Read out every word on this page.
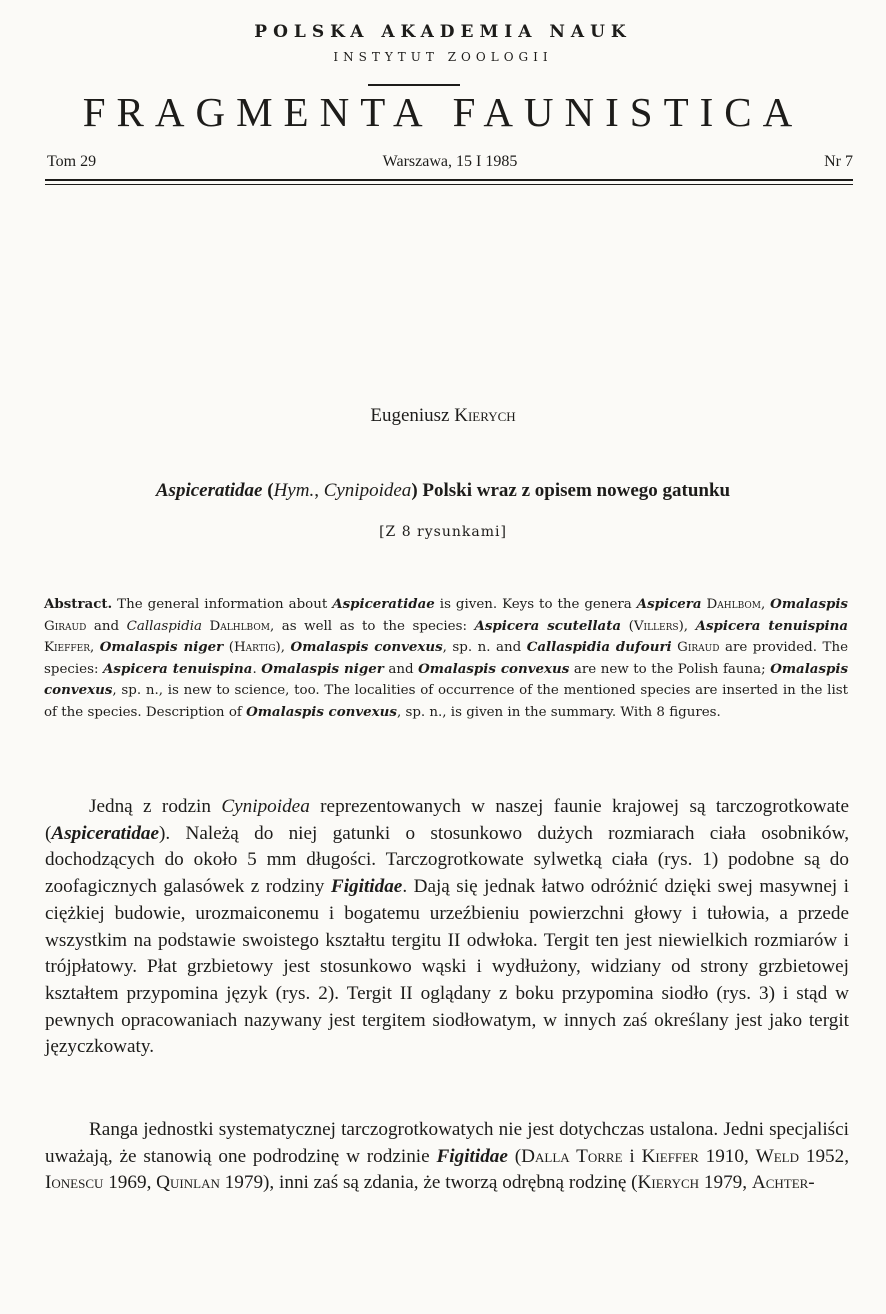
POLSKA AKADEMIA NAUK
INSTYTUT ZOOLOGII
FRAGMENTA FAUNISTICA
Tom 29	Warszawa, 15 I 1985	Nr 7
Eugeniusz Kierych
Aspiceratidae (Hym., Cynipoidea) Polski wraz z opisem nowego gatunku
[Z 8 rysunkami]
Abstract. The general information about Aspiceratidae is given. Keys to the genera Aspicera Dahlbom, Omalaspis Giraud and Callaspidia Dalhlbom, as well as to the species: Aspicera scutellata (Villers), Aspicera tenuispina Kieffer, Omalaspis niger (Hartig), Omalaspis convexus, sp. n. and Callaspidia dufouri Giraud are provided. The species: Aspicera tenuispina. Omalaspis niger and Omalaspis convexus are new to the Polish fauna; Omalaspis convexus, sp. n., is new to science, too. The localities of occurrence of the mentioned species are inserted in the list of the species. Description of Omalaspis convexus, sp. n., is given in the summary. With 8 figures.

Jedną z rodzin Cynipoidea reprezentowanych w naszej faunie krajowej są tarczogrotkowate (Aspiceratidae). Należą do niej gatunki o stosunkowo dużych rozmiarach ciała osobników, dochodzących do około 5 mm długości. Tarczogrotkowate sylwetką ciała (rys. 1) podobne są do zoofagicznych galasówek z rodziny Figitidae. Dają się jednak łatwo odróżnić dzięki swej masywnej i ciężkiej budowie, urozmaiconemu i bogatemu urzeźbieniu powierzchni głowy i tułowia, a przede wszystkim na podstawie swoistego kształtu tergitu II odwłoka. Tergit ten jest niewielkich rozmiarów i trójpłatowy. Płat grzbietowy jest stosunkowo wąski i wydłużony, widziany od strony grzbietowej kształtem przypomina język (rys. 2). Tergit II oglądany z boku przypomina siodło (rys. 3) i stąd w pewnych opracowaniach nazywany jest tergitem siodłowatym, w innych zaś określany jest jako tergit języczkowaty.

Ranga jednostki systematycznej tarczogrotkowatych nie jest dotychczas ustalona. Jedni specjaliści uważają, że stanowią one podrodzinę w rodzinie Figitidae (Dalla Torre i Kieffer 1910, Weld 1952, Ionescu 1969, Quinlan 1979), inni zaś są zdania, że tworzą odrębną rodzinę (Kierych 1979, Achter-
